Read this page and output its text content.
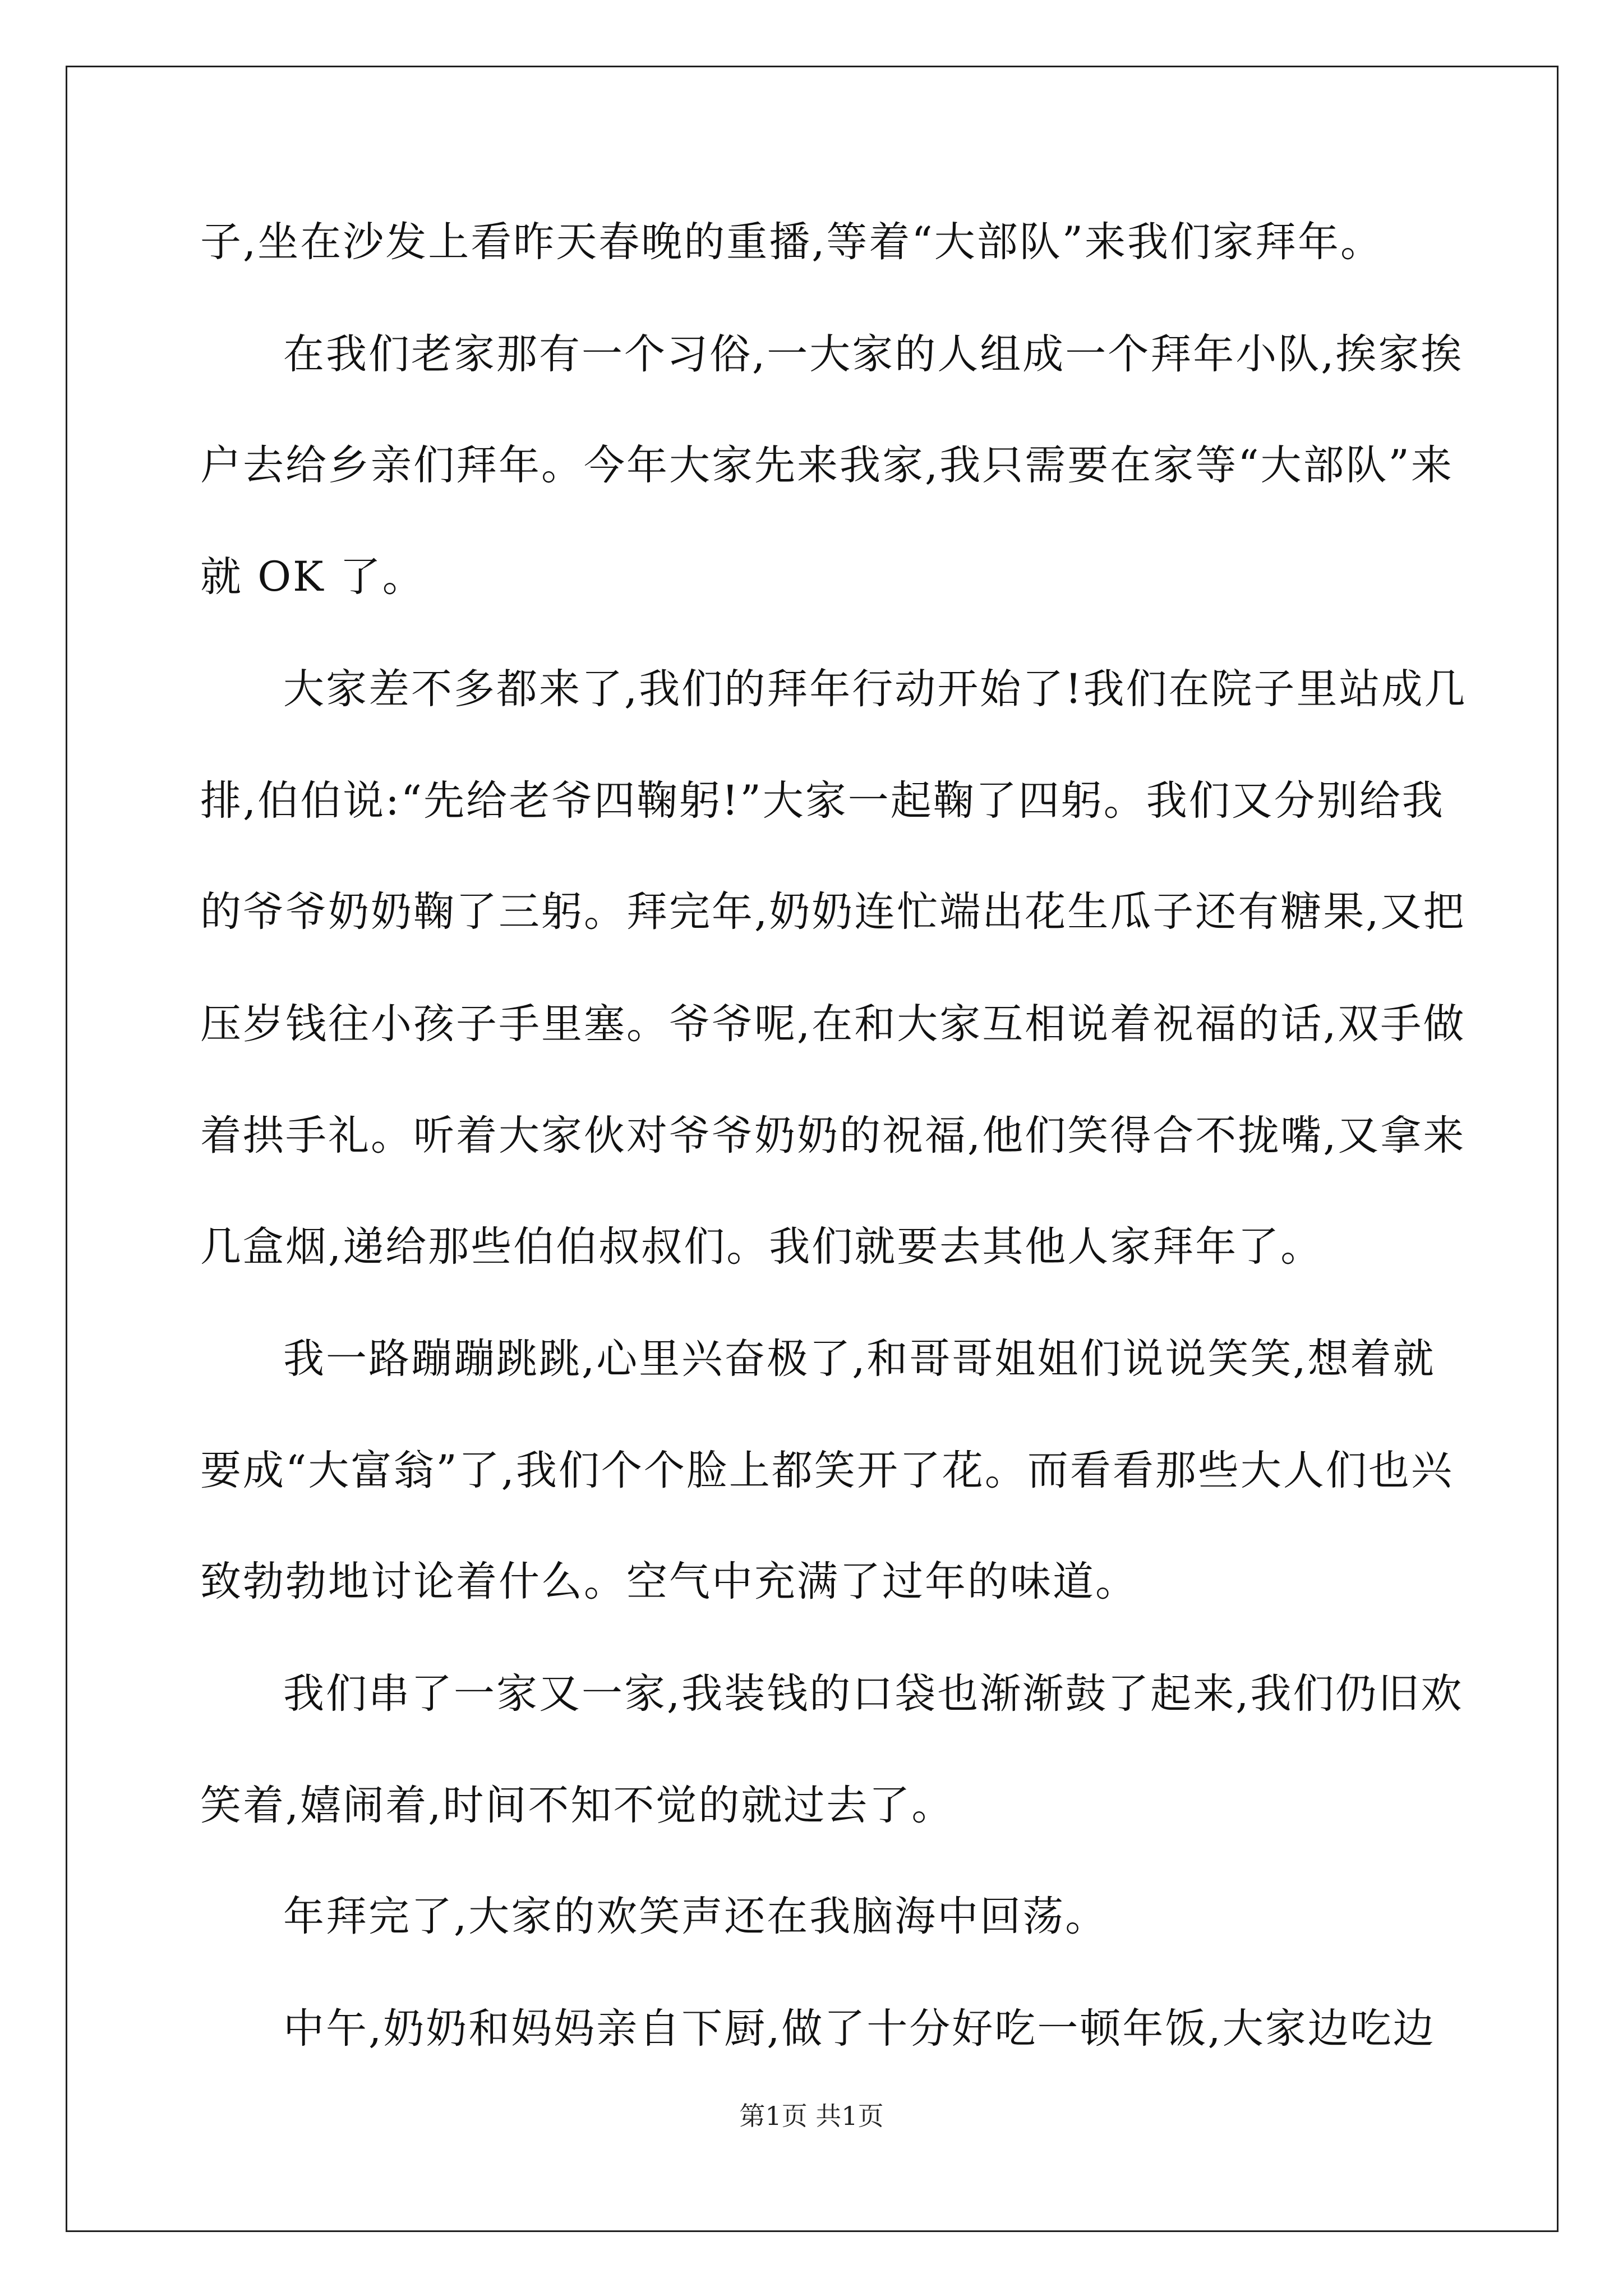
子,坐在沙发上看昨天春晚的重播,等着“大部队”来我们家拜年。
在我们老家那有一个习俗,一大家的人组成一个拜年小队,挨家挨
户去给乡亲们拜年。今年大家先来我家,我只需要在家等“大部队”来
就 OK 了。
大家差不多都来了,我们的拜年行动开始了!我们在院子里站成几
排,伯伯说:“先给老爷四鞠躬!”大家一起鞠了四躬。我们又分别给我
的爷爷奶奶鞠了三躬。拜完年,奶奶连忙端出花生瓜子还有糖果,又把
压岁钱往小孩子手里塞。爷爷呢,在和大家互相说着祝福的话,双手做
着拱手礼。听着大家伙对爷爷奶奶的祝福,他们笑得合不拢嘴,又拿来
几盒烟,递给那些伯伯叔叔们。我们就要去其他人家拜年了。
我一路蹦蹦跳跳,心里兴奋极了,和哥哥姐姐们说说笑笑,想着就
要成“大富翁”了,我们个个脸上都笑开了花。而看看那些大人们也兴
致勃勃地讨论着什么。空气中充满了过年的味道。
我们串了一家又一家,我装钱的口袋也渐渐鼓了起来,我们仍旧欢
笑着,嬉闹着,时间不知不觉的就过去了。
年拜完了,大家的欢笑声还在我脑海中回荡。
中午,奶奶和妈妈亲自下厨,做了十分好吃一顿年饭,大家边吃边
第1页 共1页
